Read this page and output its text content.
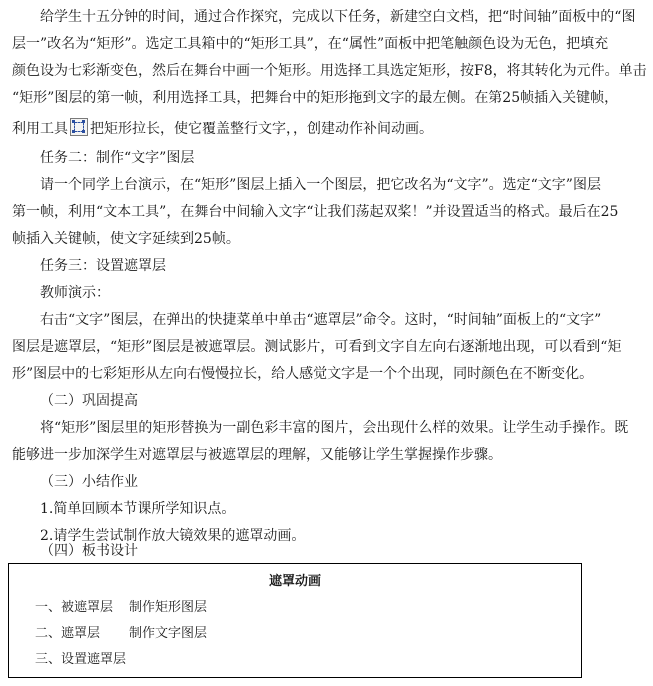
给学生十五分钟的时间，通过合作探究，完成以下任务，新建空白文档，把“时间轴”面板中的“图
层一”改名为“矩形”。选定工具箱中的“矩形工具”，在“属性”面板中把笔触颜色设为无色，把填充
颜色设为七彩渐变色，然后在舞台中画一个矩形。用选择工具选定矩形，按F8，将其转化为元件。单击
“矩形”图层的第一帧，利用选择工具，把舞台中的矩形拖到文字的最左侧。在第25帧插入关键帧，
利用工具 把矩形拉长，使它覆盖整行文字，，创建动作补间动画。
任务二：制作“文字”图层
请一个同学上台演示，在“矩形”图层上插入一个图层，把它改名为“文字”。选定“文字”图层
第一帧，利用“文本工具”，在舞台中间输入文字“让我们荡起双桨！”并设置适当的格式。最后在25
帧插入关键帧，使文字延续到25帧。
任务三：设置遮罩层
教师演示：
右击“文字”图层，在弹出的快捷菜单中单击“遮罩层”命令。这时，“时间轴”面板上的“文字”
图层是遮罩层，“矩形”图层是被遮罩层。测试影片，可看到文字自左向右逐渐地出现，可以看到“矩
形”图层中的七彩矩形从左向右慢慢拉长，给人感觉文字是一个个出现，同时颜色在不断变化。
（二）巩固提高
将“矩形”图层里的矩形替换为一副色彩丰富的图片，会出现什么样的效果。让学生动手操作。既
能够进一步加深学生对遮罩层与被遮罩层的理解，又能够让学生掌握操作步骤。
（三）小结作业
1.简单回顾本节课所学知识点。
2.请学生尝试制作放大镜效果的遮罩动画。
（四）板书设计
遮罩动画
一、被遮罩层 制作矩形图层
二、遮罩层 制作文字图层
三、设置遮罩层
